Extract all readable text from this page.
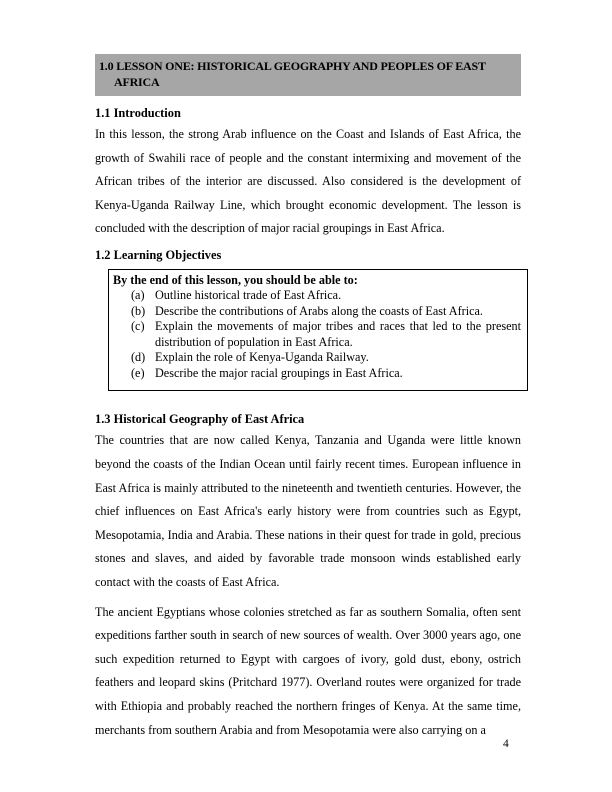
1.0 LESSON ONE: HISTORICAL GEOGRAPHY AND PEOPLES OF EAST
AFRICA
1.1 Introduction

In this lesson, the strong Arab influence on the Coast and Islands of East Africa, the growth of Swahili race of people and the constant intermixing and movement of the African tribes of the interior are discussed. Also considered is the development of Kenya-Uganda Railway Line, which brought economic development. The lesson is concluded with the description of major racial groupings in East Africa.

1.2 Learning Objectives
By the end of this lesson, you should be able to:
(a) Outline historical trade of East Africa.
(b) Describe the contributions of Arabs along the coasts of East Africa.
(c) Explain the movements of major tribes and races that led to the present distribution of population in East Africa.
(d) Explain the role of Kenya-Uganda Railway.
(e) Describe the major racial groupings in East Africa.
1.3 Historical Geography of East Africa

The countries that are now called Kenya, Tanzania and Uganda were little known beyond the coasts of the Indian Ocean until fairly recent times. European influence in East Africa is mainly attributed to the nineteenth and twentieth centuries. However, the chief influences on East Africa's early history were from countries such as Egypt, Mesopotamia, India and Arabia. These nations in their quest for trade in gold, precious stones and slaves, and aided by favorable trade monsoon winds established early contact with the coasts of East Africa.

The ancient Egyptians whose colonies stretched as far as southern Somalia, often sent expeditions farther south in search of new sources of wealth. Over 3000 years ago, one such expedition returned to Egypt with cargoes of ivory, gold dust, ebony, ostrich feathers and leopard skins (Pritchard 1977). Overland routes were organized for trade with Ethiopia and probably reached the northern fringes of Kenya. At the same time, merchants from southern Arabia and from Mesopotamia were also carrying on a

4
